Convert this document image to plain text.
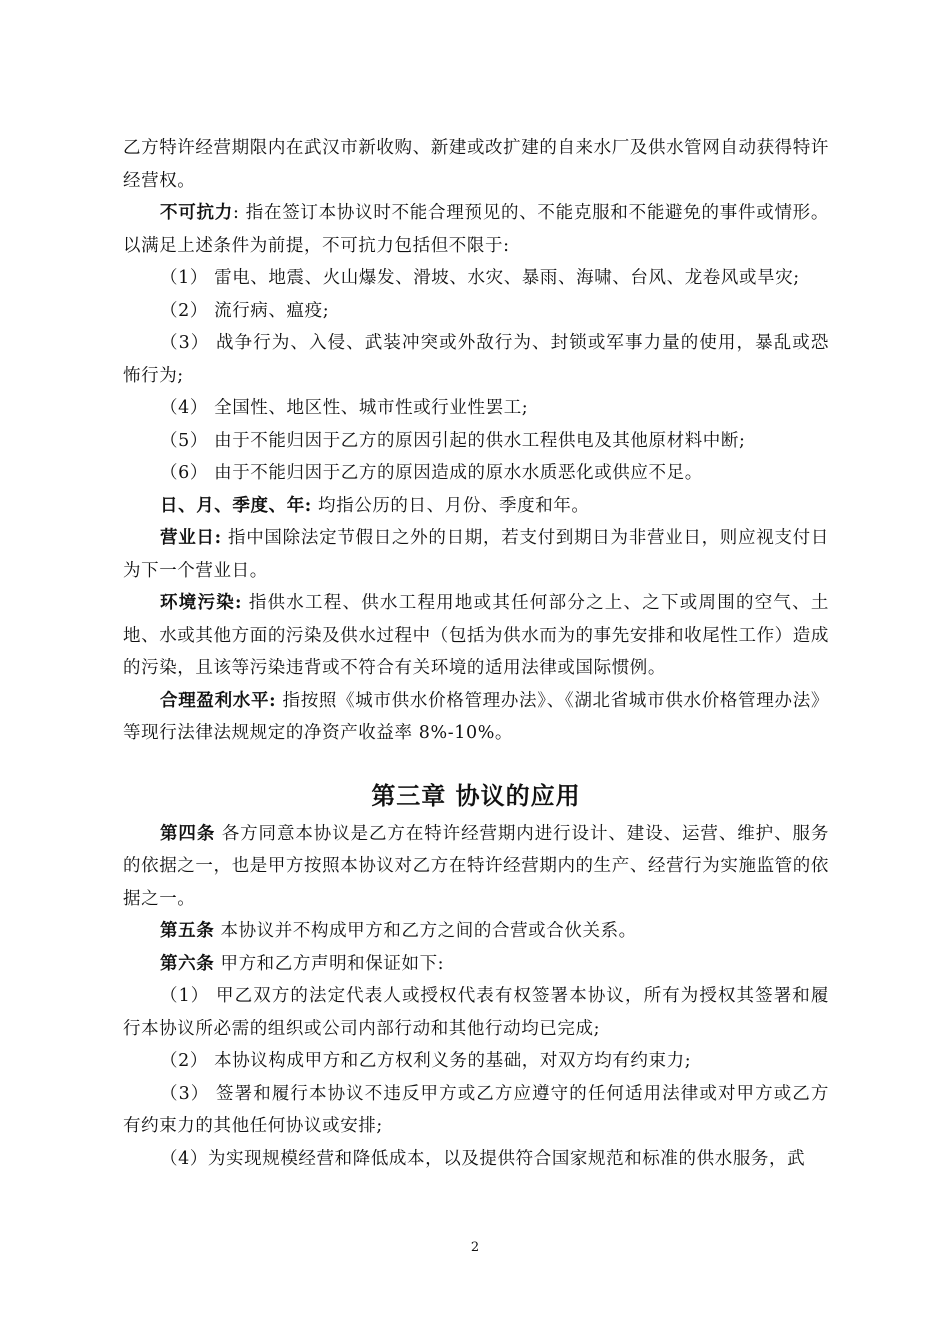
乙方特许经营期限内在武汉市新收购、新建或改扩建的自来水厂及供水管网自动获得特许经营权。

不可抗力: 指在签订本协议时不能合理预见的、不能克服和不能避免的事件或情形。以满足上述条件为前提，不可抗力包括但不限于:

（1） 雷电、地震、火山爆发、滑坡、水灾、暴雨、海啸、台风、龙卷风或旱灾;

（2） 流行病、瘟疫;

（3） 战争行为、入侵、武装冲突或外敌行为、封锁或军事力量的使用，暴乱或恐怖行为;

（4） 全国性、地区性、城市性或行业性罢工;

（5） 由于不能归因于乙方的原因引起的供水工程供电及其他原材料中断;

（6） 由于不能归因于乙方的原因造成的原水水质恶化或供应不足。

日、月、季度、年: 均指公历的日、月份、季度和年。

营业日: 指中国除法定节假日之外的日期，若支付到期日为非营业日，则应视支付日为下一个营业日。

环境污染: 指供水工程、供水工程用地或其任何部分之上、之下或周围的空气、土地、水或其他方面的污染及供水过程中（包括为供水而为的事先安排和收尾性工作）造成的污染，且该等污染违背或不符合有关环境的适用法律或国际惯例。

合理盈利水平: 指按照《城市供水价格管理办法》、《湖北省城市供水价格管理办法》等现行法律法规规定的净资产收益率 8%-10%。

第三章 协议的应用

第四条 各方同意本协议是乙方在特许经营期内进行设计、建设、运营、维护、服务的依据之一，也是甲方按照本协议对乙方在特许经营期内的生产、经营行为实施监管的依据之一。

第五条 本协议并不构成甲方和乙方之间的合营或合伙关系。

第六条 甲方和乙方声明和保证如下:

（1） 甲乙双方的法定代表人或授权代表有权签署本协议，所有为授权其签署和履行本协议所必需的组织或公司内部行动和其他行动均已完成;

（2） 本协议构成甲方和乙方权利义务的基础，对双方均有约束力;

（3） 签署和履行本协议不违反甲方或乙方应遵守的任何适用法律或对甲方或乙方有约束力的其他任何协议或安排;

（4）为实现规模经营和降低成本，以及提供符合国家规范和标准的供水服务，武

2
